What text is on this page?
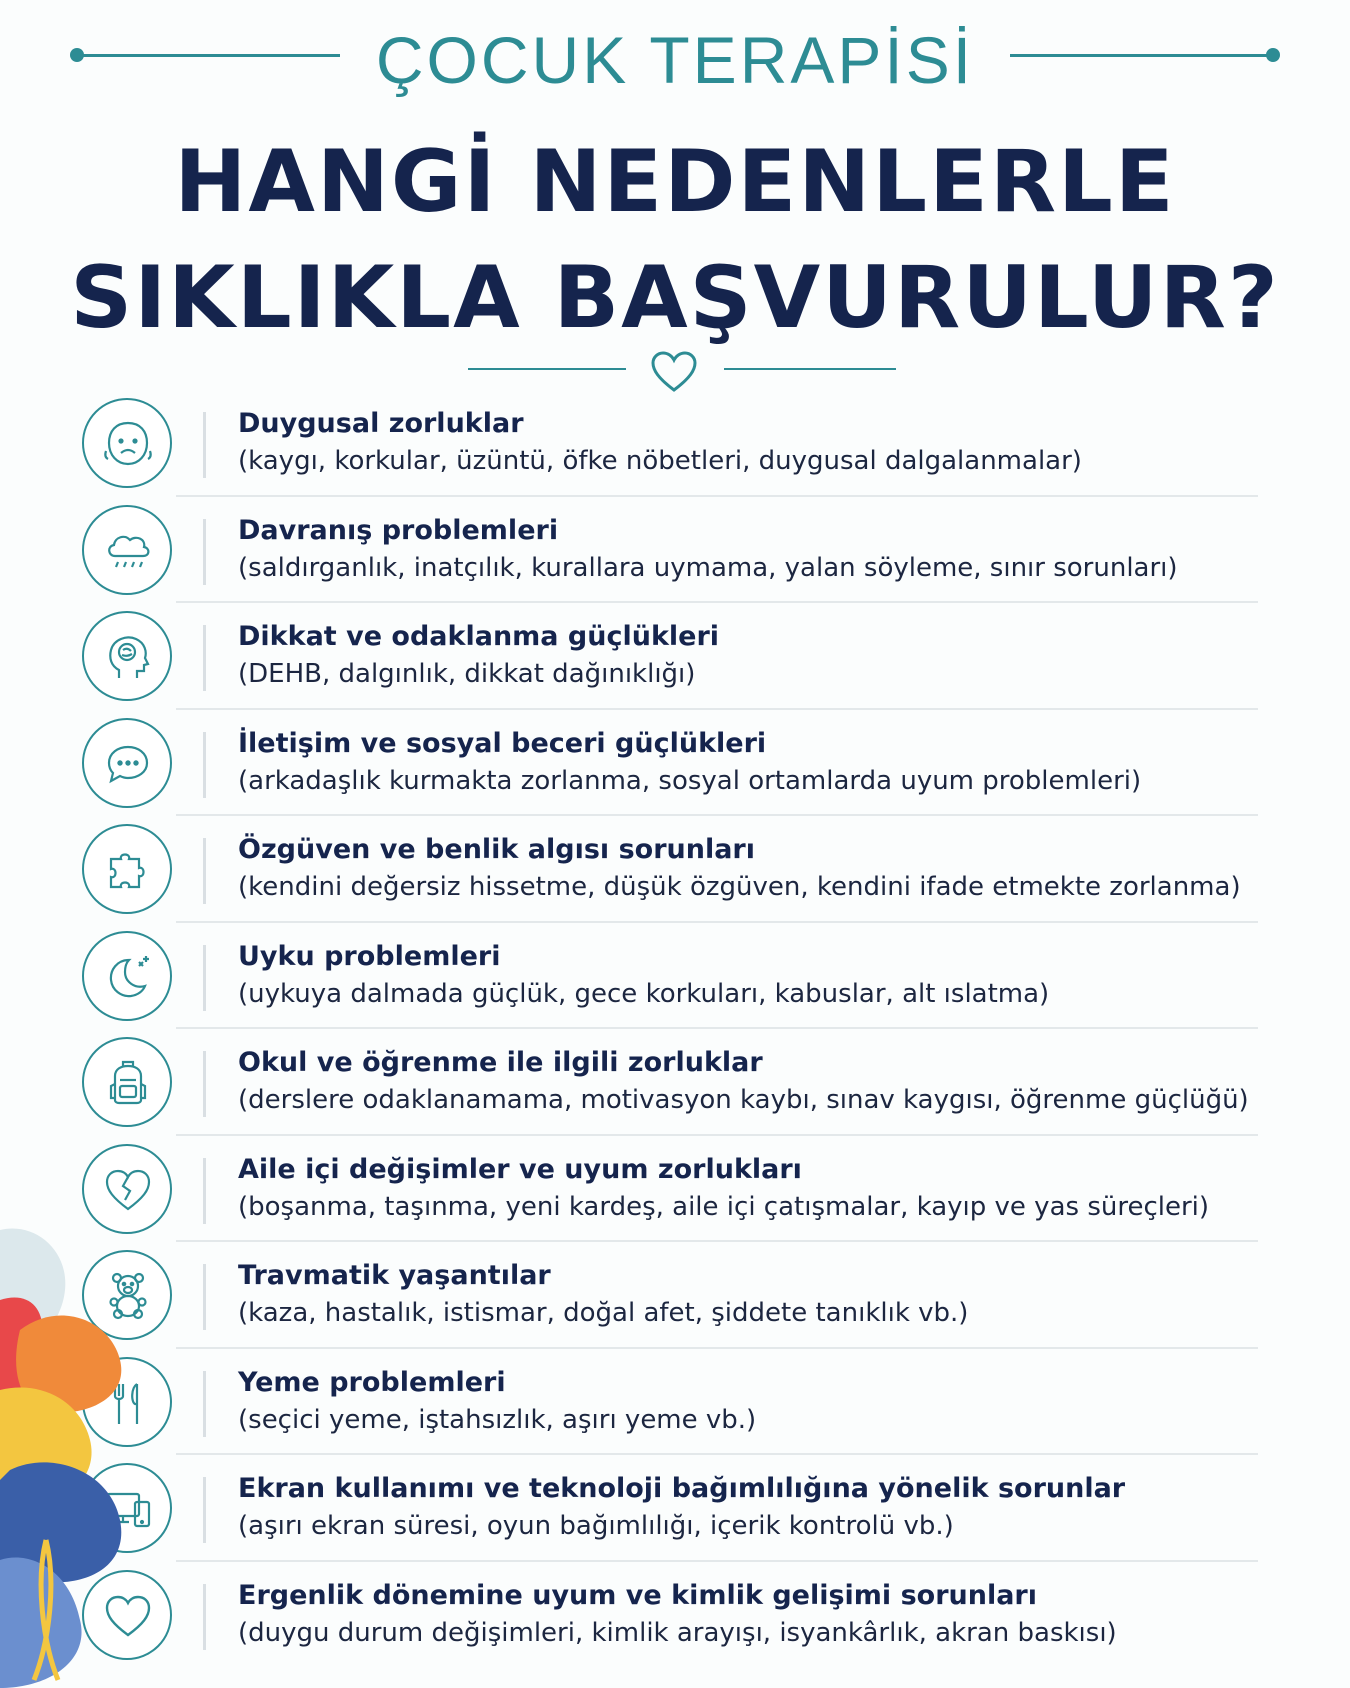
ÇOCUK TERAPİSİ
HANGİ NEDENLERLE
SIKLIKLA BAŞVURULUR?
Duygusal zorluklar
(kaygı, korkular, üzüntü, öfke nöbetleri, duygusal dalgalanmalar)
Davranış problemleri
(saldırganlık, inatçılık, kurallara uymama, yalan söyleme, sınır sorunları)
Dikkat ve odaklanma güçlükleri
(DEHB, dalgınlık, dikkat dağınıklığı)
İletişim ve sosyal beceri güçlükleri
(arkadaşlık kurmakta zorlanma, sosyal ortamlarda uyum problemleri)
Özgüven ve benlik algısı sorunları
(kendini değersiz hissetme, düşük özgüven, kendini ifade etmekte zorlanma)
Uyku problemleri
(uykuya dalmada güçlük, gece korkuları, kabuslar, alt ıslatma)
Okul ve öğrenme ile ilgili zorluklar
(derslere odaklanamama, motivasyon kaybı, sınav kaygısı, öğrenme güçlüğü)
Aile içi değişimler ve uyum zorlukları
(boşanma, taşınma, yeni kardeş, aile içi çatışmalar, kayıp ve yas süreçleri)
Travmatik yaşantılar
(kaza, hastalık, istismar, doğal afet, şiddete tanıklık vb.)
Yeme problemleri
(seçici yeme, iştahsızlık, aşırı yeme vb.)
Ekran kullanımı ve teknoloji bağımlılığına yönelik sorunlar
(aşırı ekran süresi, oyun bağımlılığı, içerik kontrolü vb.)
Ergenlik dönemine uyum ve kimlik gelişimi sorunları
(duygu durum değişimleri, kimlik arayışı, isyankârlık, akran baskısı)
